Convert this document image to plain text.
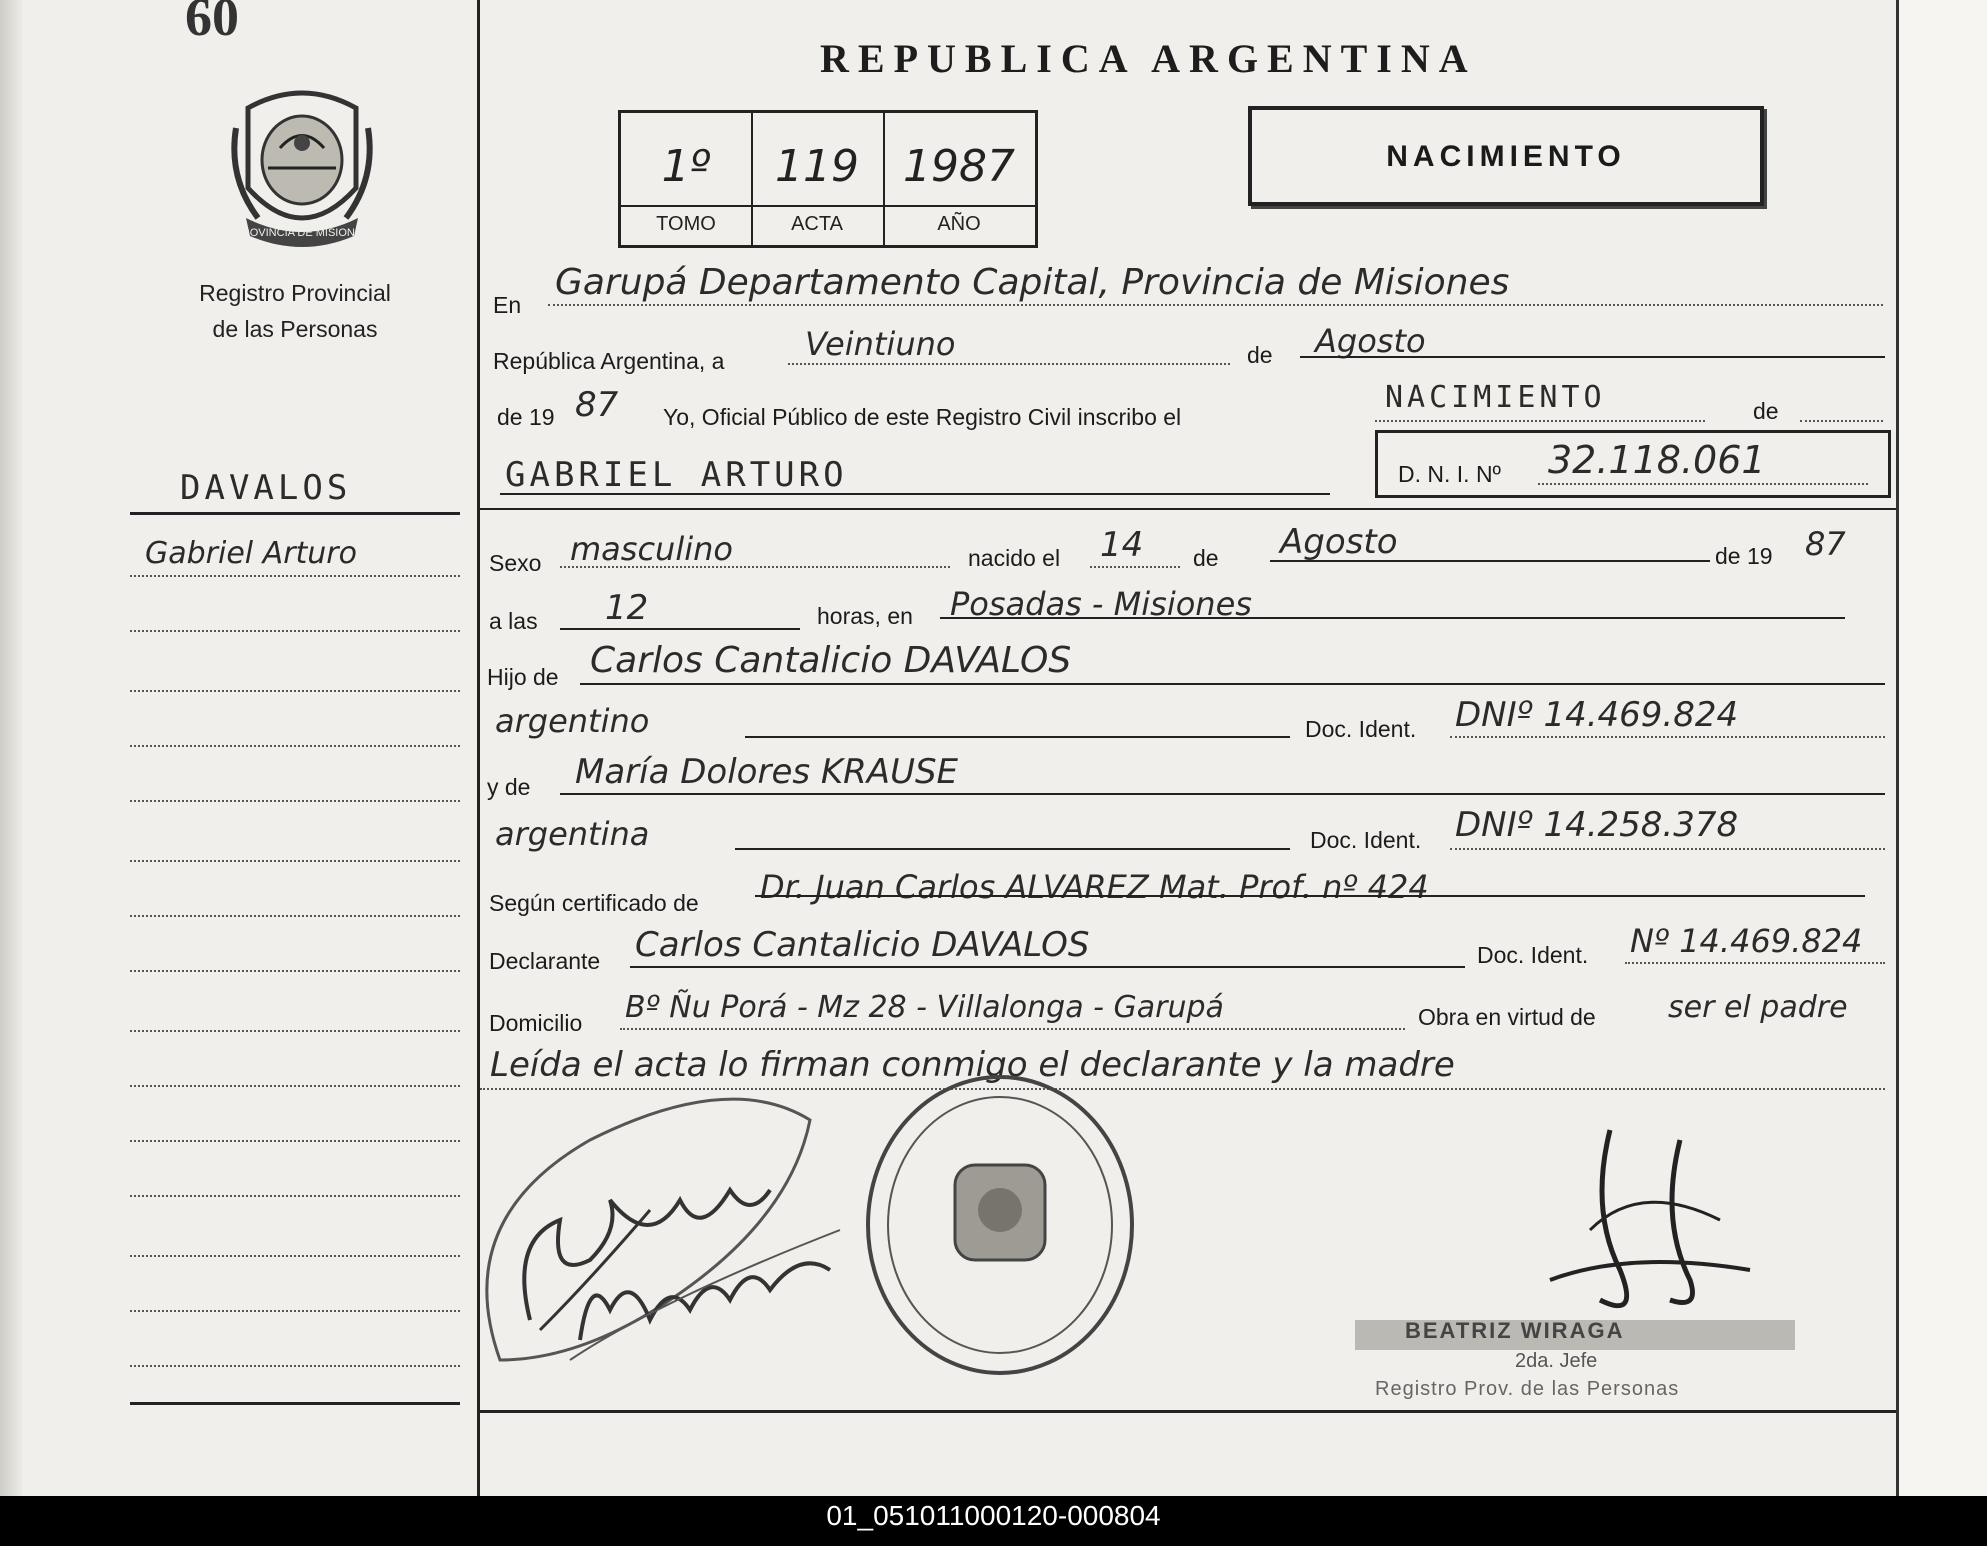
60
PROVINCIA DE MISIONES
Registro Provincial
de las Personas
DAVALOS
Gabriel Arturo
REPUBLICA ARGENTINA
1º	119	1987
TOMO	ACTA	AÑO
NACIMIENTO
En
Garupá Departamento Capital, Provincia de Misiones
República Argentina, a	Veintiuno	de Agosto
de 19 87 Yo, Oficial Público de este Registro Civil inscribo el
NACIMIENTO	de
GABRIEL ARTURO	D. N. I. Nº 32.118.061
Sexo masculino	nacido el 14 de Agosto	de 19 87
a las 12	horas, en Posadas - Misiones
Hijo de Carlos Cantalicio DAVALOS
argentino	Doc. Ident. DNIº 14.469.824
y de María Dolores KRAUSE
argentina	Doc. Ident. DNIº 14.258.378
Según certificado de Dr. Juan Carlos ALVAREZ Mat. Prof. nº 424
Declarante Carlos Cantalicio DAVALOS	Doc. Ident. Nº 14.469.824
Domicilio Bº Ñu Porá - Mz 28 - Villalonga - Garupá	Obra en virtud de ser el padre
Leída el acta lo firman conmigo el declarante y la madre
BEATRIZ WIRAGA
2da. Jefe
Registro Prov. de las Personas
01_051011000120-000804
